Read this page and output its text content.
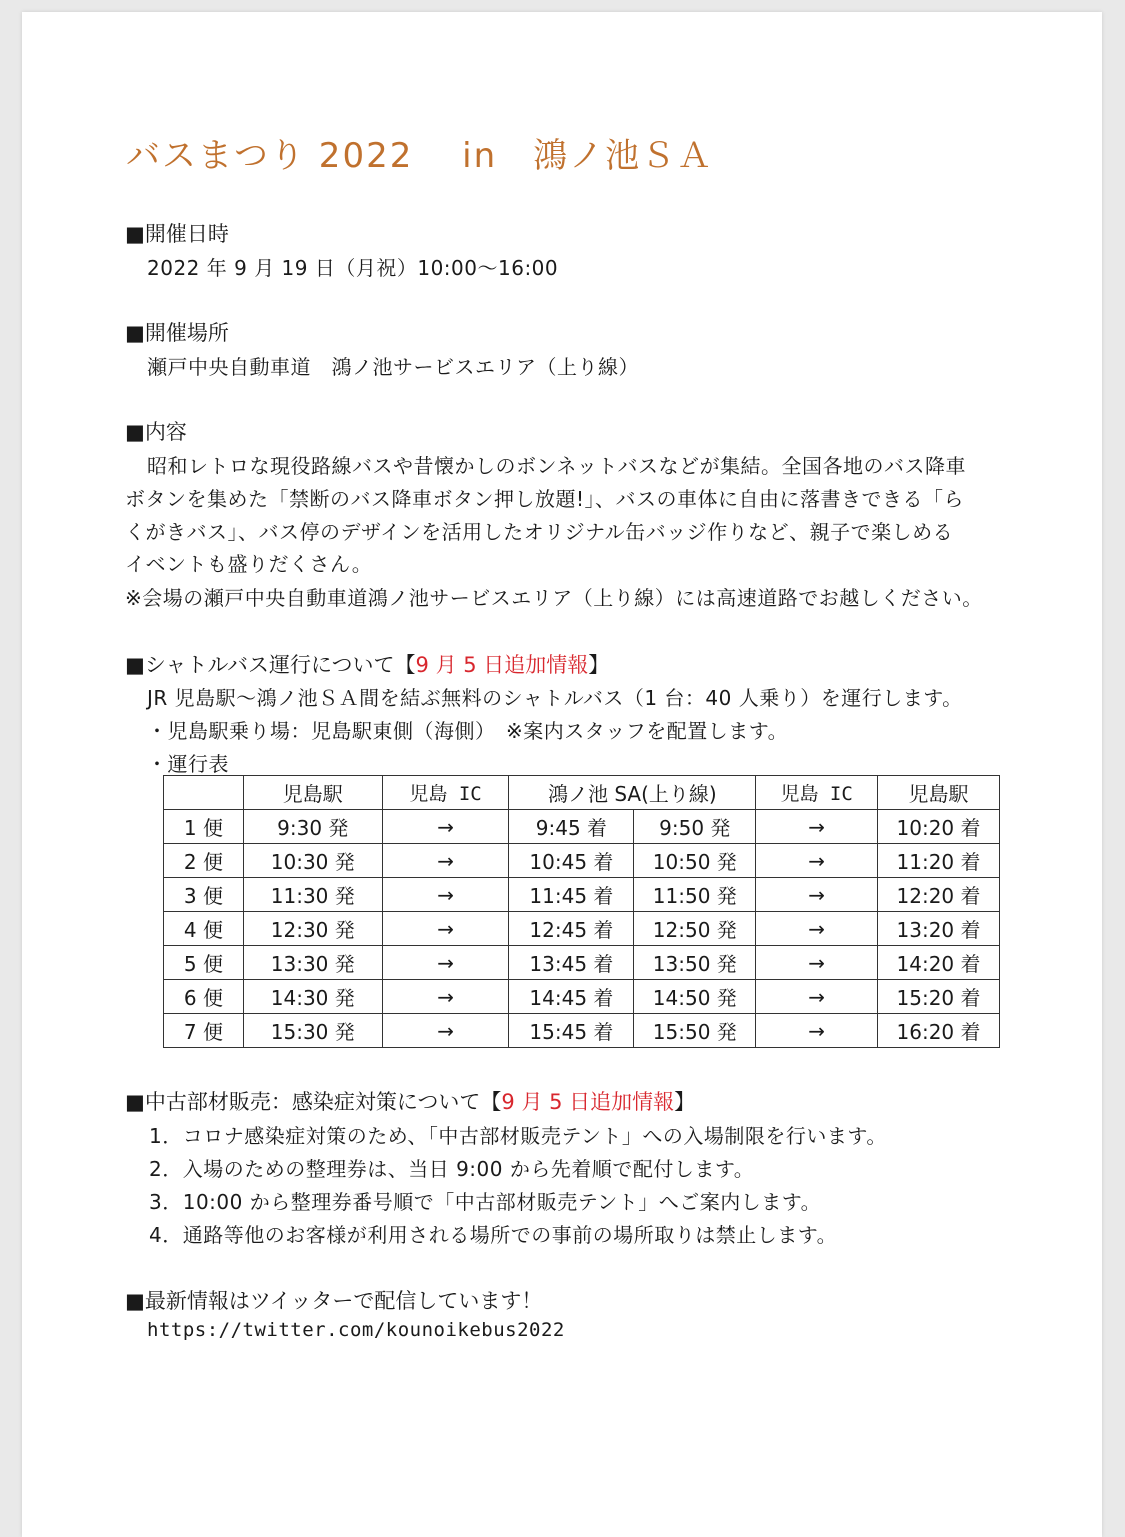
バスまつり 2022　 in　鴻ノ池ＳＡ
■開催日時
2022 年 9 月 19 日（月祝）10:00～16:00
■開催場所
瀬戸中央自動車道　鴻ノ池サービスエリア（上り線）
■内容
昭和レトロな現役路線バスや昔懐かしのボンネットバスなどが集結。全国各地のバス降車
ボタンを集めた「禁断のバス降車ボタン押し放題!」、バスの車体に自由に落書きできる「ら
くがきバス」、バス停のデザインを活用したオリジナル缶バッジ作りなど、親子で楽しめる
イベントも盛りだくさん。
※会場の瀬戸中央自動車道鴻ノ池サービスエリア（上り線）には高速道路でお越しください。
■シャトルバス運行について【9 月 5 日追加情報】
JR 児島駅～鴻ノ池ＳＡ間を結ぶ無料のシャトルバス（1 台：40 人乗り）を運行します。
・児島駅乗り場：児島駅東側（海側）　※案内スタッフを配置します。
・運行表
	児島駅	児島 IC	鴻ノ池 SA(上り線)		児島 IC	児島駅
1 便	9:30 発	→	9:45 着	9:50 発	→	10:20 着
2 便	10:30 発	→	10:45 着	10:50 発	→	11:20 着
3 便	11:30 発	→	11:45 着	11:50 発	→	12:20 着
4 便	12:30 発	→	12:45 着	12:50 発	→	13:20 着
5 便	13:30 発	→	13:45 着	13:50 発	→	14:20 着
6 便	14:30 発	→	14:45 着	14:50 発	→	15:20 着
7 便	15:30 発	→	15:45 着	15:50 発	→	16:20 着
■中古部材販売：感染症対策について【9 月 5 日追加情報】
1．コロナ感染症対策のため、「中古部材販売テント」への入場制限を行います。
2．入場のための整理券は、当日 9:00 から先着順で配付します。
3．10:00 から整理券番号順で「中古部材販売テント」へご案内します。
4．通路等他のお客様が利用される場所での事前の場所取りは禁止します。
■最新情報はツイッターで配信しています！
https://twitter.com/kounoikebus2022
